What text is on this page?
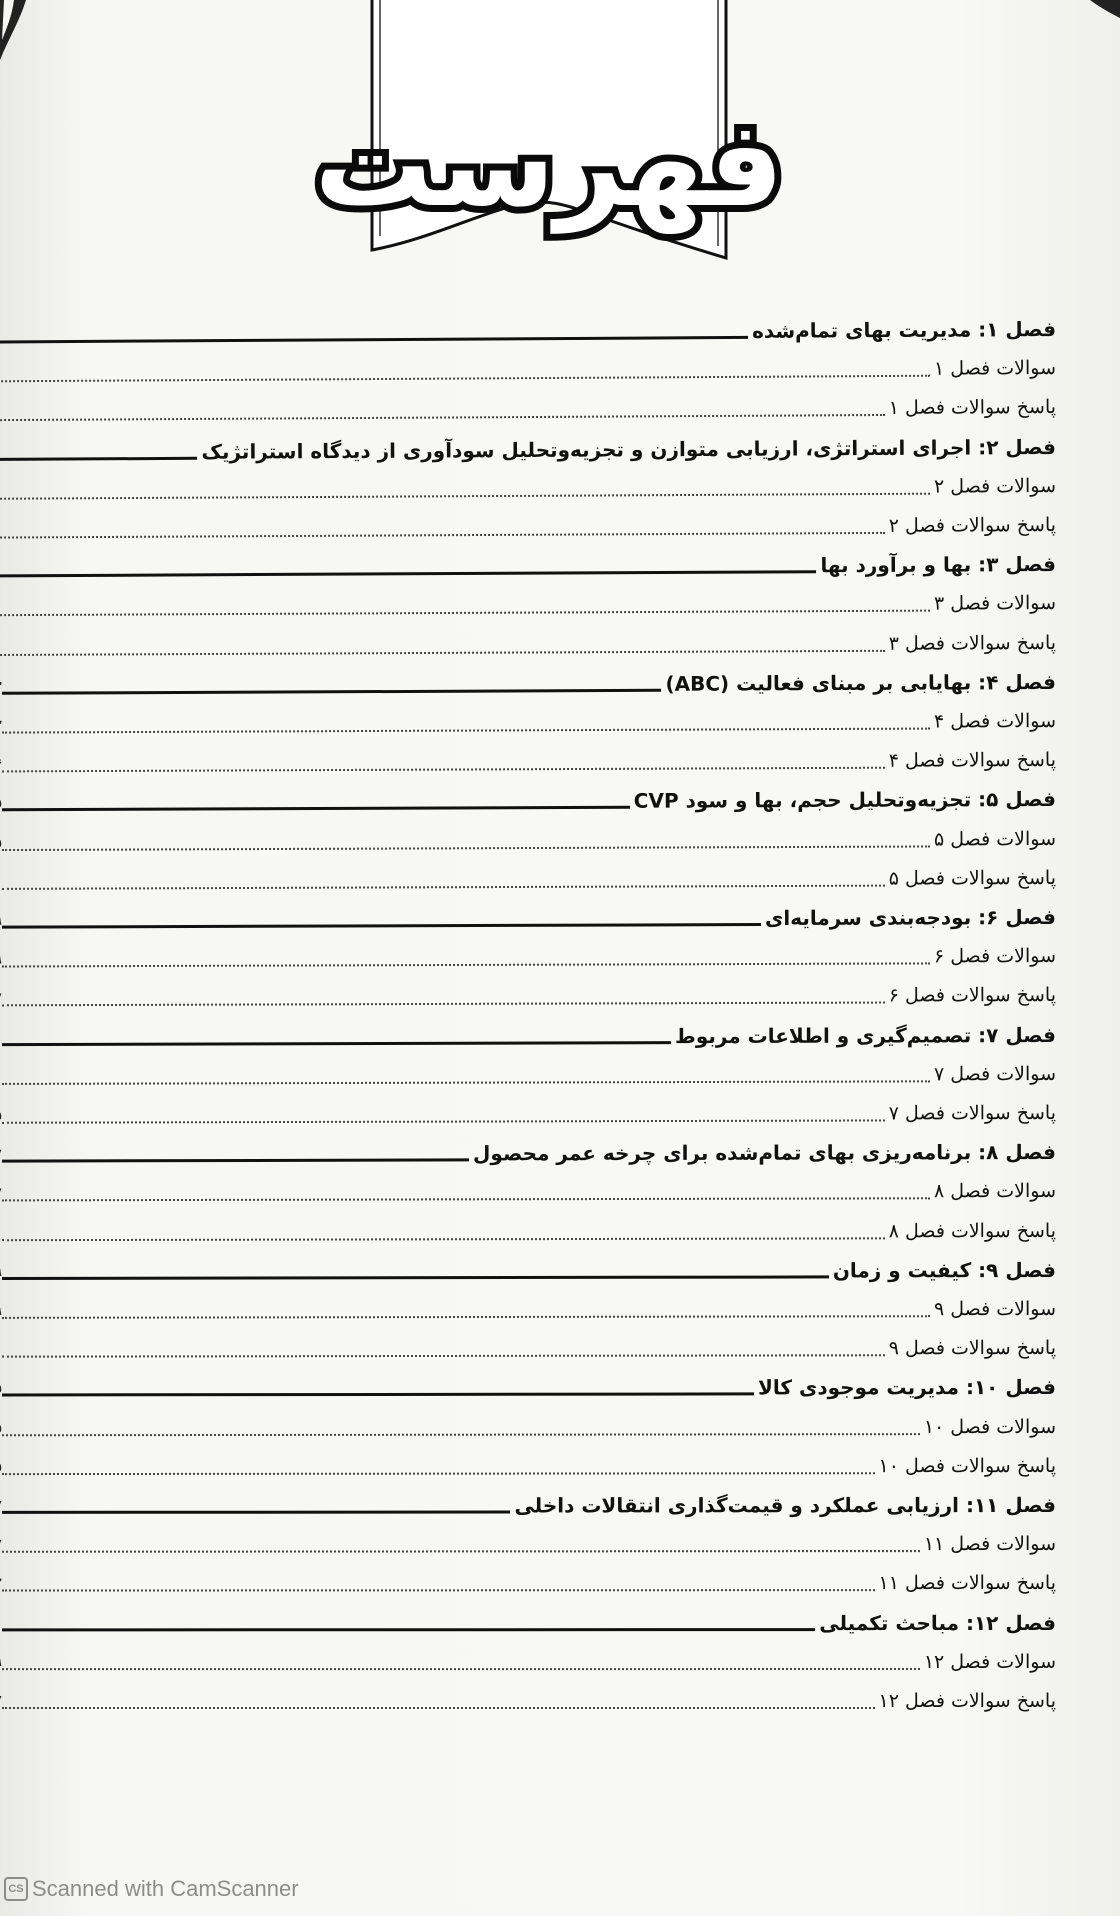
فهرست
فصل ۱: مدیریت بهای تمام‌شده
سوالات فصل ۱
پاسخ سوالات فصل ۱
فصل ۲: اجرای استراتژی، ارزیابی متوازن و تجزیه‌وتحلیل سودآوری از دیدگاه استراتژیک
سوالات فصل ۲
پاسخ سوالات فصل ۲
فصل ۳: بها و برآورد بها
سوالات فصل ۳
پاسخ سوالات فصل ۳
فصل ۴: بهایابی بر مبنای فعالیت (ABC)
سوالات فصل ۴
پاسخ سوالات فصل ۴
فصل ۵: تجزیه‌وتحلیل حجم، بها و سود CVP
سوالات فصل ۵
پاسخ سوالات فصل ۵
فصل ۶: بودجه‌بندی سرمایه‌ای
سوالات فصل ۶
پاسخ سوالات فصل ۶
فصل ۷: تصمیم‌گیری و اطلاعات مربوط
سوالات فصل ۷
پاسخ سوالات فصل ۷
فصل ۸: برنامه‌ریزی بهای تمام‌شده برای چرخه عمر محصول
سوالات فصل ۸
پاسخ سوالات فصل ۸
فصل ۹: کیفیت و زمان
سوالات فصل ۹
پاسخ سوالات فصل ۹
فصل ۱۰: مدیریت موجودی کالا
سوالات فصل ۱۰
پاسخ سوالات فصل ۱۰
فصل ۱۱: ارزیابی عملکرد و قیمت‌گذاری انتقالات داخلی
سوالات فصل ۱۱
پاسخ سوالات فصل ۱۱
فصل ۱۲: مباحث تکمیلی
سوالات فصل ۱۲
پاسخ سوالات فصل ۱۲
CS Scanned with CamScanner
